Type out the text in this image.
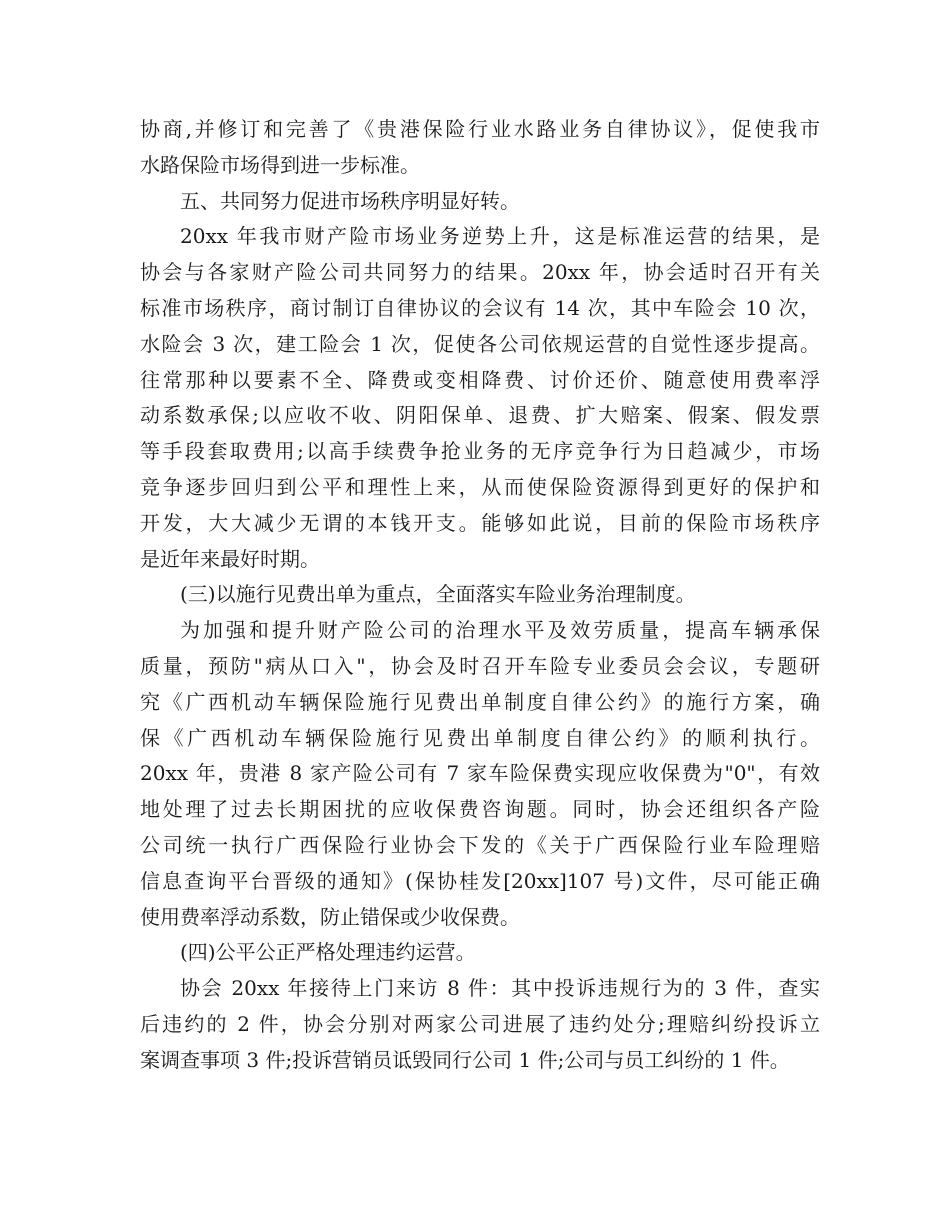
协商,并修订和完善了《贵港保险行业水路业务自律协议》，促使我市
水路保险市场得到进一步标准。
五、共同努力促进市场秩序明显好转。
20xx 年我市财产险市场业务逆势上升，这是标准运营的结果，是
协会与各家财产险公司共同努力的结果。20xx 年，协会适时召开有关
标准市场秩序，商讨制订自律协议的会议有 14 次，其中车险会 10 次，
水险会 3 次，建工险会 1 次，促使各公司依规运营的自觉性逐步提高。
往常那种以要素不全、降费或变相降费、讨价还价、随意使用费率浮
动系数承保;以应收不收、阴阳保单、退费、扩大赔案、假案、假发票
等手段套取费用;以高手续费争抢业务的无序竞争行为日趋减少，市场
竞争逐步回归到公平和理性上来，从而使保险资源得到更好的保护和
开发，大大减少无谓的本钱开支。能够如此说，目前的保险市场秩序
是近年来最好时期。
(三)以施行见费出单为重点，全面落实车险业务治理制度。
为加强和提升财产险公司的治理水平及效劳质量，提高车辆承保
质量，预防"病从口入"，协会及时召开车险专业委员会会议，专题研
究《广西机动车辆保险施行见费出单制度自律公约》的施行方案，确
保《广西机动车辆保险施行见费出单制度自律公约》的顺利执行。
20xx 年，贵港 8 家产险公司有 7 家车险保费实现应收保费为"0"，有效
地处理了过去长期困扰的应收保费咨询题。同时，协会还组织各产险
公司统一执行广西保险行业协会下发的《关于广西保险行业车险理赔
信息查询平台晋级的通知》(保协桂发[20xx]107 号)文件，尽可能正确
使用费率浮动系数，防止错保或少收保费。
(四)公平公正严格处理违约运营。
协会 20xx 年接待上门来访 8 件：其中投诉违规行为的 3 件，查实
后违约的 2 件，协会分别对两家公司进展了违约处分;理赔纠纷投诉立
案调查事项 3 件;投诉营销员诋毁同行公司 1 件;公司与员工纠纷的 1 件。
